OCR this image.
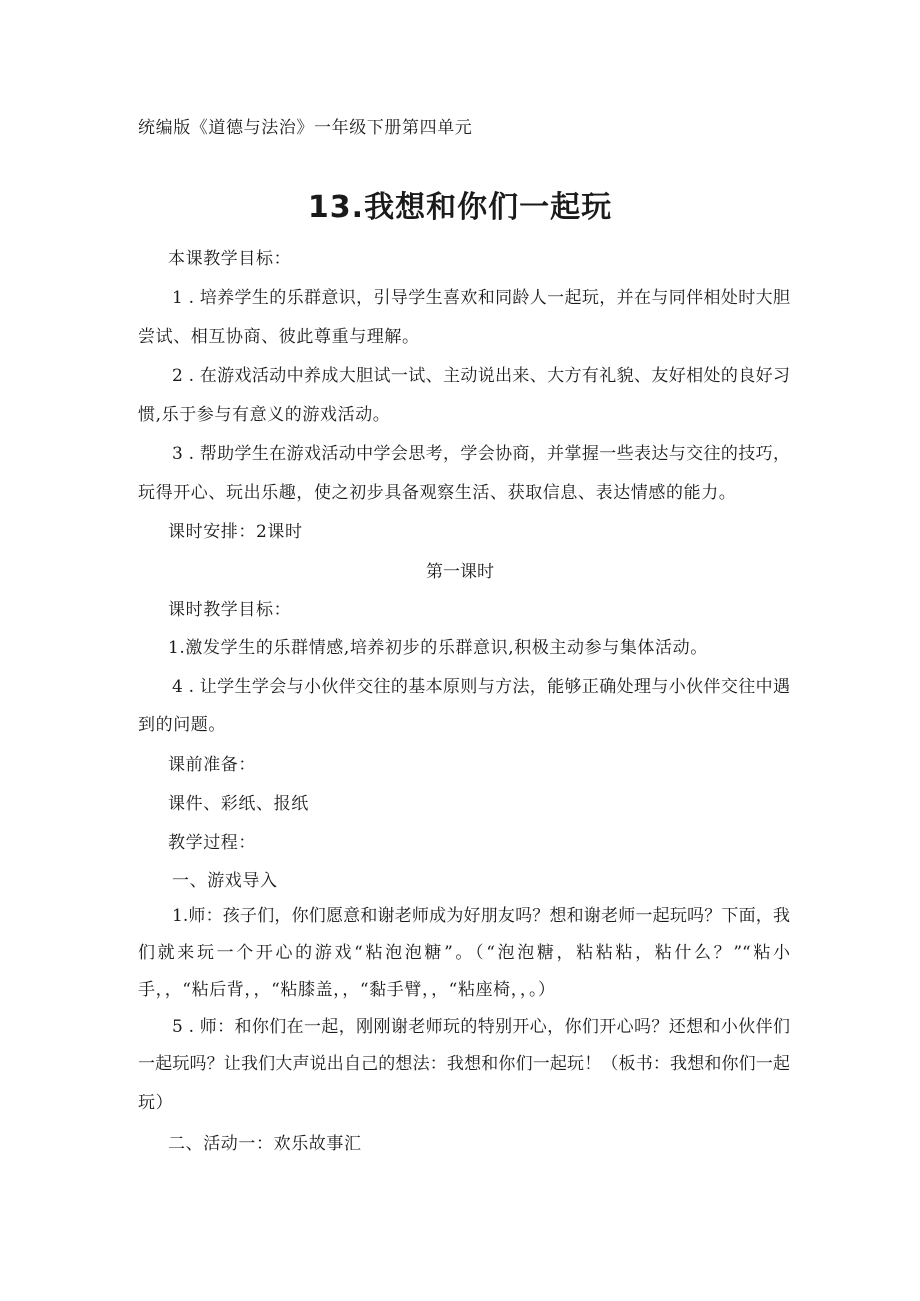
统编版《道德与法治》一年级下册第四单元
13.我想和你们一起玩
本课教学目标：
1 . 培养学生的乐群意识，引导学生喜欢和同龄人一起玩，并在与同伴相处时大胆
尝试、相互协商、彼此尊重与理解。
2 . 在游戏活动中养成大胆试一试、主动说出来、大方有礼貌、友好相处的良好习
惯,乐于参与有意义的游戏活动。
3 . 帮助学生在游戏活动中学会思考，学会协商，并掌握一些表达与交往的技巧，
玩得开心、玩出乐趣，使之初步具备观察生活、获取信息、表达情感的能力。
课时安排：2课时
第一课时
课时教学目标：
1.激发学生的乐群情感,培养初步的乐群意识,积极主动参与集体活动。
4 . 让学生学会与小伙伴交往的基本原则与方法，能够正确处理与小伙伴交往中遇
到的问题。
课前准备：
课件、彩纸、报纸
教学过程：
一、游戏导入
1.师：孩子们，你们愿意和谢老师成为好朋友吗？想和谢老师一起玩吗？下面，我
们就来玩一个开心的游戏“粘泡泡糖”。（“泡泡糖，粘粘粘，粘什么？”“粘小
手，，“粘后背，，“粘膝盖，，“黏手臂，，“粘座椅，，。）
5 . 师：和你们在一起，刚刚谢老师玩的特别开心，你们开心吗？还想和小伙伴们
一起玩吗？让我们大声说出自己的想法：我想和你们一起玩！（板书：我想和你们一起
玩）
二、活动一：欢乐故事汇
